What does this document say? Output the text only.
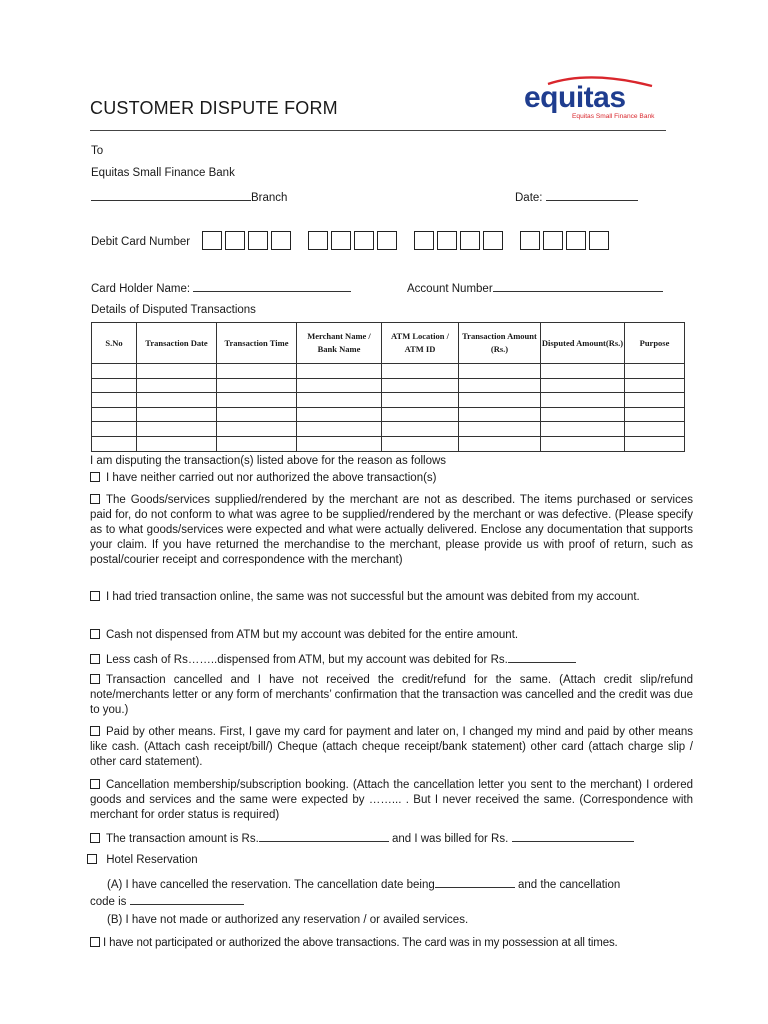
CUSTOMER DISPUTE FORM	equitas
Equitas Small Finance Bank
To
Equitas Small Finance Bank
Branch	Date:
Debit Card Number
Card Holder Name:	Account Number
Details of Disputed Transactions
S.No	Transaction Date	Transaction Time	Merchant Name / Bank Name	ATM Location / ATM ID	Transaction Amount (Rs.)	Disputed Amount(Rs.)	Purpose

I am disputing the transaction(s) listed above for the reason as follows
I have neither carried out nor authorized the above transaction(s)
The Goods/services supplied/rendered by the merchant are not as described. The items purchased or services paid for, do not conform to what was agree to be supplied/rendered by the merchant or was defective. (Please specify as to what goods/services were expected and what were actually delivered. Enclose any documentation that supports your claim. If you have returned the merchandise to the merchant, please provide us with proof of return, such as postal/courier receipt and correspondence with the merchant)
I had tried transaction online, the same was not successful but the amount was debited from my account.
Cash not dispensed from ATM but my account was debited for the entire amount.
Less cash of Rs……..dispensed from ATM, but my account was debited for Rs.
Transaction cancelled and I have not received the credit/refund for the same. (Attach credit slip/refund note/merchants letter or any form of merchants’ confirmation that the transaction was cancelled and the credit was due to you.)
Paid by other means. First, I gave my card for payment and later on, I changed my mind and paid by other means like cash. (Attach cash receipt/bill/) Cheque (attach cheque receipt/bank statement) other card (attach charge slip / other card statement).
Cancellation membership/subscription booking. (Attach the cancellation letter you sent to the merchant) I ordered goods and services and the same were expected by ……... . But I never received the same. (Correspondence with merchant for order status is required)
The transaction amount is Rs.	and I was billed for Rs.
Hotel Reservation
(A) I have cancelled the reservation. The cancellation date being	and the cancellation
code is
(B) I have not made or authorized any reservation / or availed services.
I have not participated or authorized the above transactions. The card was in my possession at all times.
